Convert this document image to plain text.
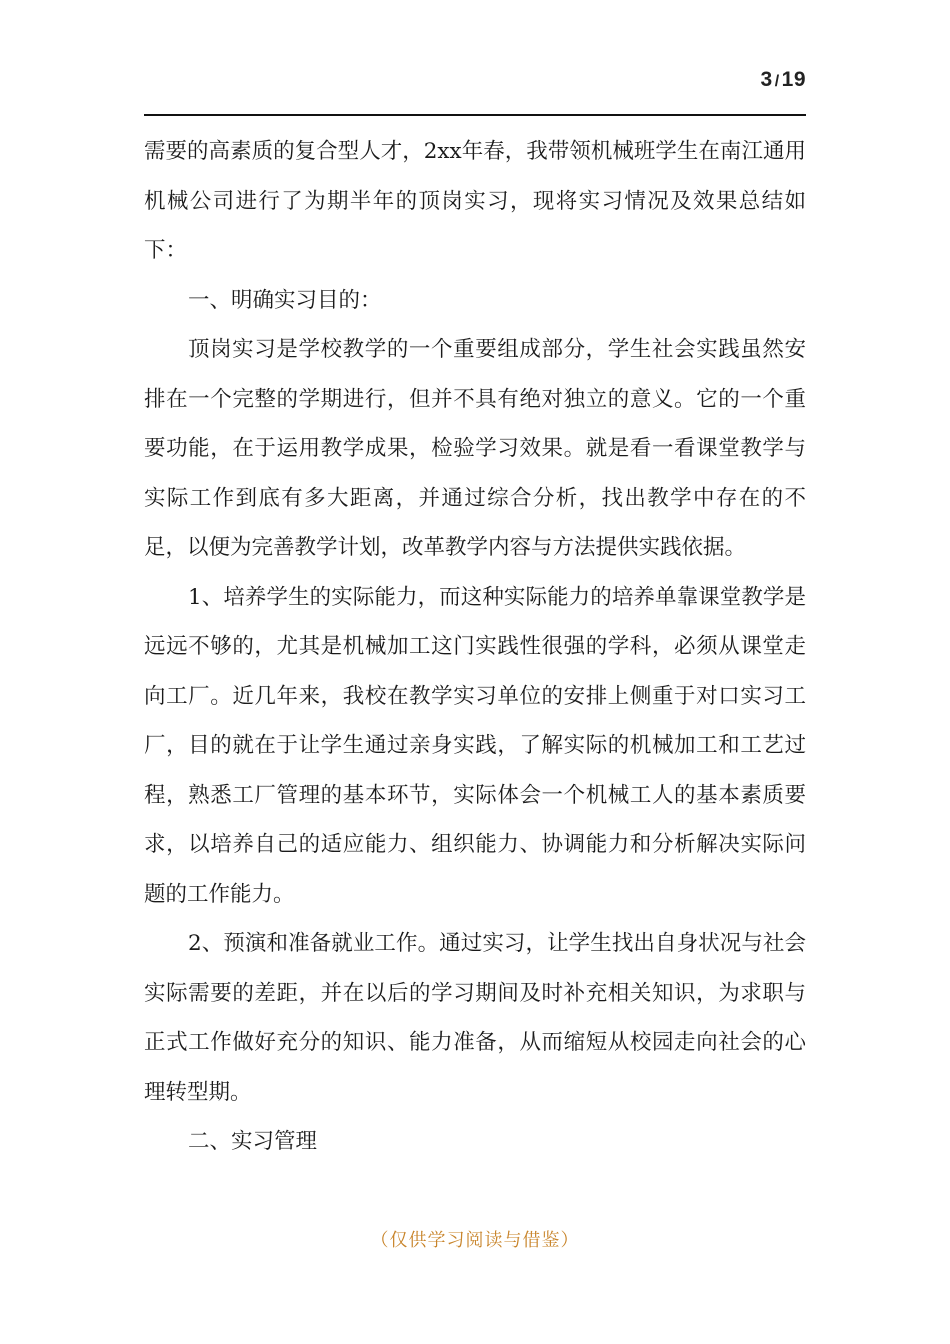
3 /19

需要的高素质的复合型人才，2xx年春，我带领机械班学生在南江通用机械公司进行了为期半年的顶岗实习，现将实习情况及效果总结如下：

一、明确实习目的：

顶岗实习是学校教学的一个重要组成部分，学生社会实践虽然安排在一个完整的学期进行，但并不具有绝对独立的意义。它的一个重要功能，在于运用教学成果，检验学习效果。就是看一看课堂教学与实际工作到底有多大距离，并通过综合分析，找出教学中存在的不足，以便为完善教学计划，改革教学内容与方法提供实践依据。

1、培养学生的实际能力，而这种实际能力的培养单靠课堂教学是远远不够的，尤其是机械加工这门实践性很强的学科，必须从课堂走向工厂。近几年来，我校在教学实习单位的安排上侧重于对口实习工厂，目的就在于让学生通过亲身实践，了解实际的机械加工和工艺过程，熟悉工厂管理的基本环节，实际体会一个机械工人的基本素质要求，以培养自己的适应能力、组织能力、协调能力和分析解决实际问题的工作能力。

2、预演和准备就业工作。通过实习，让学生找出自身状况与社会实际需要的差距，并在以后的学习期间及时补充相关知识，为求职与正式工作做好充分的知识、能力准备，从而缩短从校园走向社会的心理转型期。

二、实习管理

（仅供学习阅读与借鉴）
